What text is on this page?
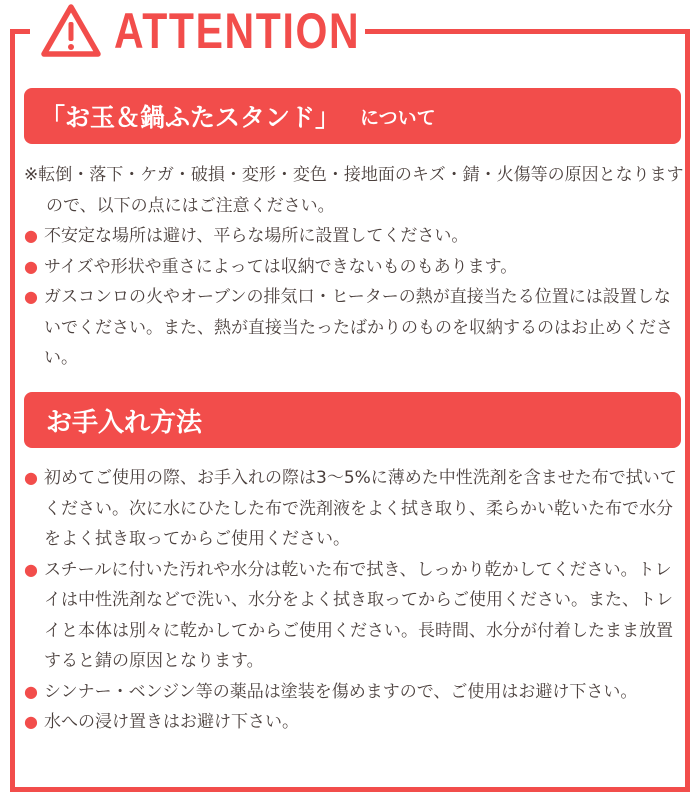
ATTENTION
「お玉＆鍋ふたスタンド」 について
※転倒・落下・ケガ・破損・変形・変色・接地面のキズ・錆・火傷等の原因となりますので、以下の点にはご注意ください。
● 不安定な場所は避け、平らな場所に設置してください。
● サイズや形状や重さによっては収納できないものもあります。
● ガスコンロの火やオーブンの排気口・ヒーターの熱が直接当たる位置には設置しないでください。また、熱が直接当たったばかりのものを収納するのはお止めください。
お手入れ方法
● 初めてご使用の際、お手入れの際は3〜5%に薄めた中性洗剤を含ませた布で拭いてください。次に水にひたした布で洗剤液をよく拭き取り、柔らかい乾いた布で水分をよく拭き取ってからご使用ください。
● スチールに付いた汚れや水分は乾いた布で拭き、しっかり乾かしてください。トレイは中性洗剤などで洗い、水分をよく拭き取ってからご使用ください。また、トレイと本体は別々に乾かしてからご使用ください。長時間、水分が付着したまま放置すると錆の原因となります。
● シンナー・ベンジン等の薬品は塗装を傷めますので、ご使用はお避け下さい。
● 水への浸け置きはお避け下さい。
